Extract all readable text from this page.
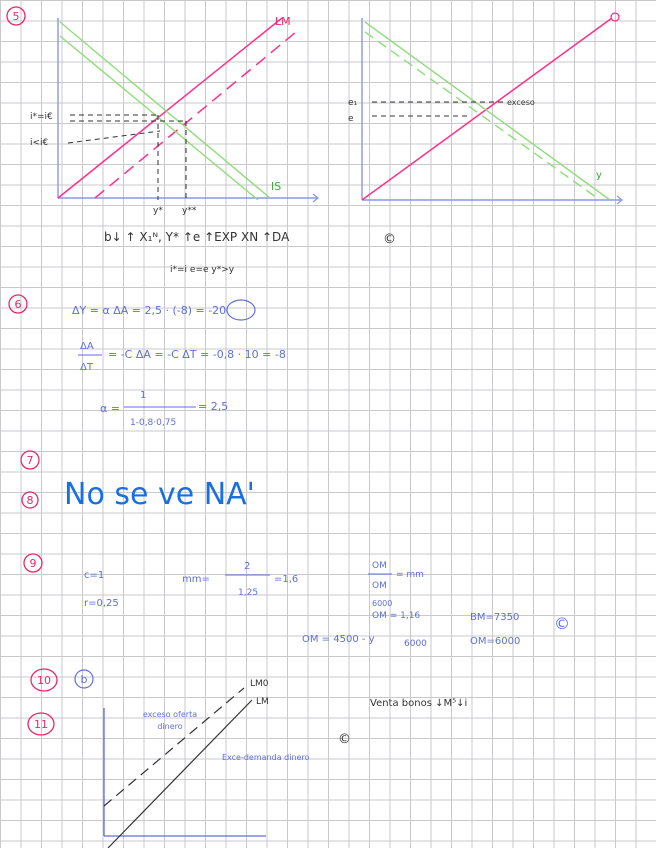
5	LM
IS
i*=i€
i<i€
y* y**
b↓ ↑ X₁ᴺ, Y* ↑e ↑EXP XN ↑DA
i*=i e=e y*>y
©
e₁
e
exceso
y
6	ΔY = α ΔA = 2,5 · (-8) = -20
ΔA
ΔT
= -C ΔA = -C ΔT = -0,8 · 10 = -8
α =
1
1-0,8·0,75
= 2,5
7
8 No se ve NA'
9
c=1
r=0,25
mm=
2
1,25
=1,6
OM
OM
= mm
6000
OM = 1,16
OM = 4500 - y	6000
BM=7350
OM=6000
©
10	b
11
LM0
LM
exceso oferta dinero
Exce-demanda dinero
©
Venta bonos ↓M⁵↓i
